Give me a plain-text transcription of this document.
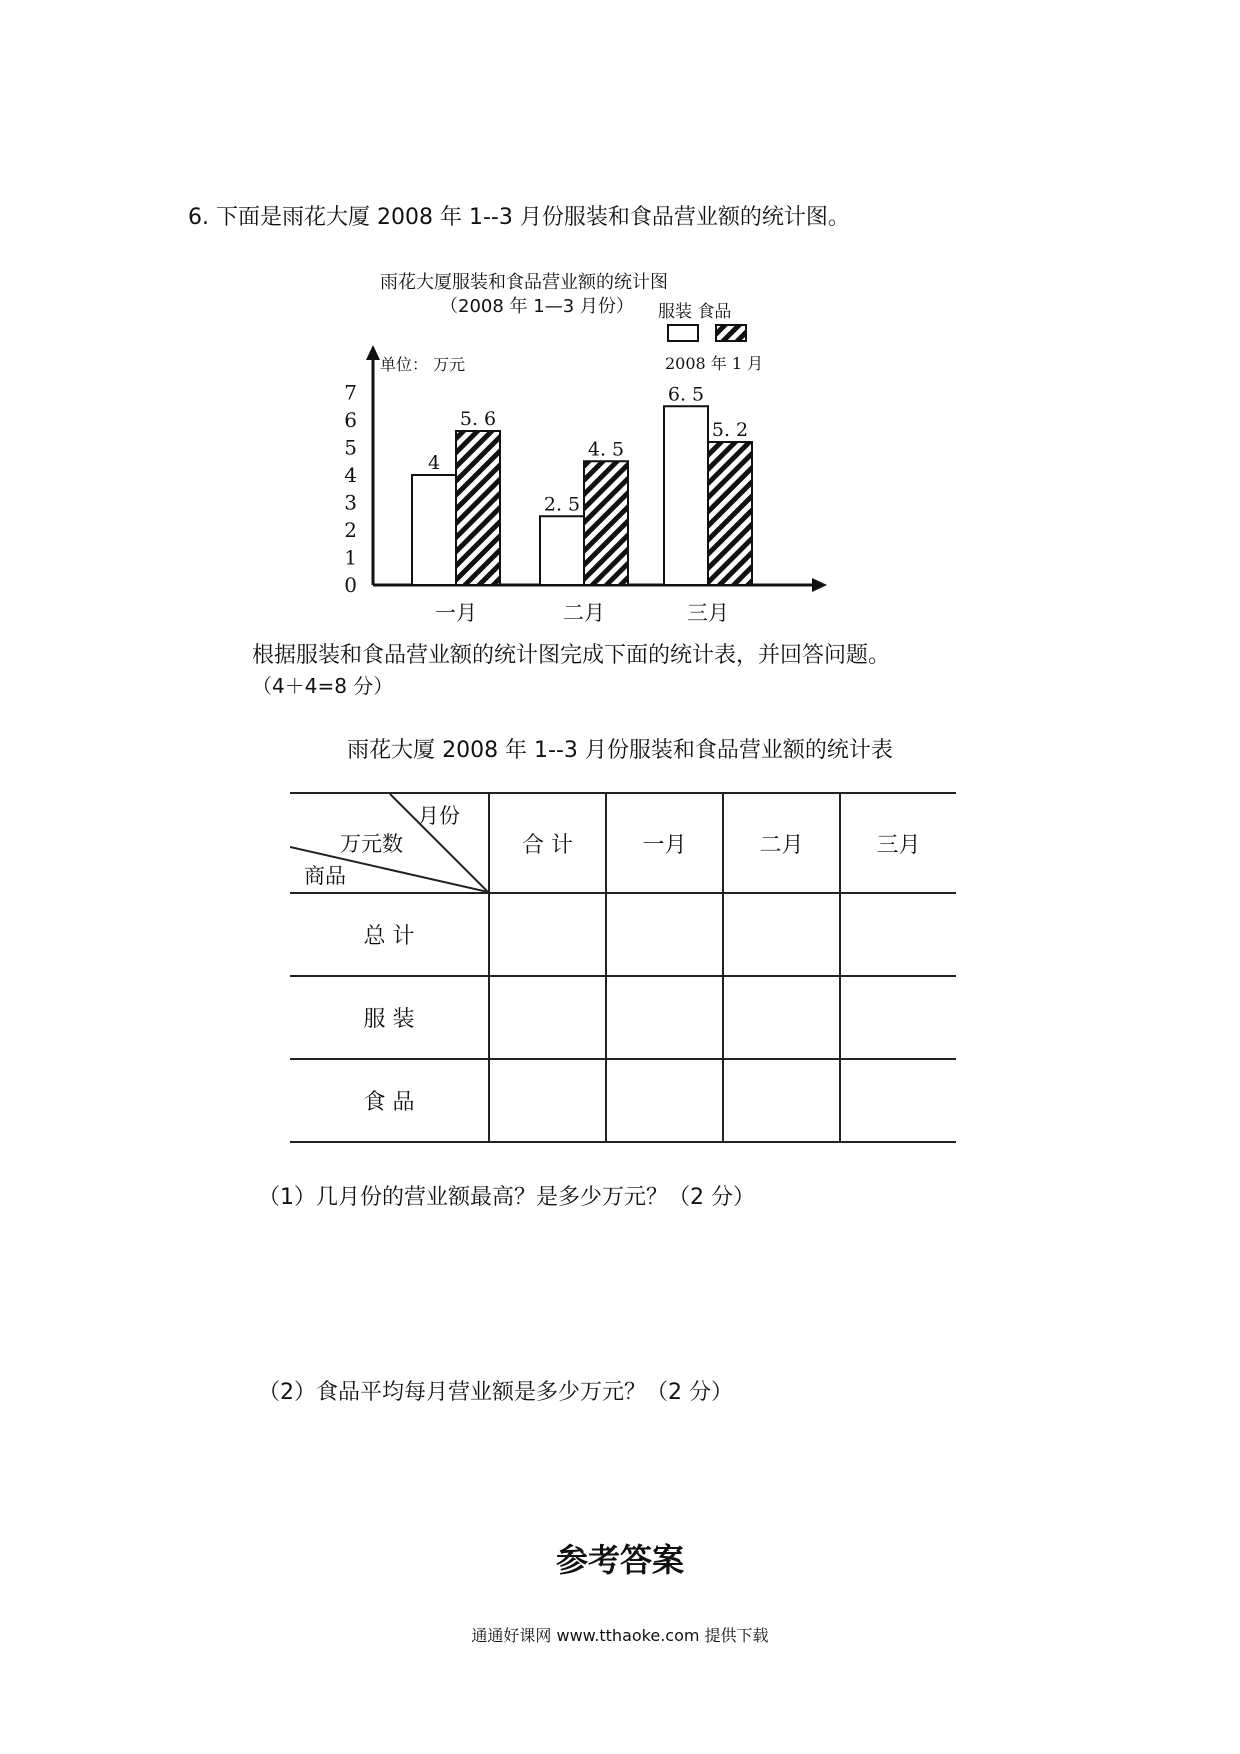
6. 下面是雨花大厦 2008 年 1--3 月份服装和食品营业额的统计图。
雨花大厦服装和食品营业额的统计图
（2008 年 1—3 月份） 服装 食品
2008 年 1 月
单位： 万元
0
1
2
3
4
5
6
7
4
5. 6
一月
2. 5
4. 5
二月
6. 5
5. 2
三月
根据服装和食品营业额的统计图完成下面的统计表，并回答问题。
（4＋4=8 分）
雨花大厦 2008 年 1--3 月份服装和食品营业额的统计表
月份
万元数
商品	合 计	一月	二月	三月
总 计				
服 装				
食 品				
（1）几月份的营业额最高？是多少万元？（2 分）
（2）食品平均每月营业额是多少万元？（2 分）
参考答案
通通好课网 www.tthaoke.com 提供下载
